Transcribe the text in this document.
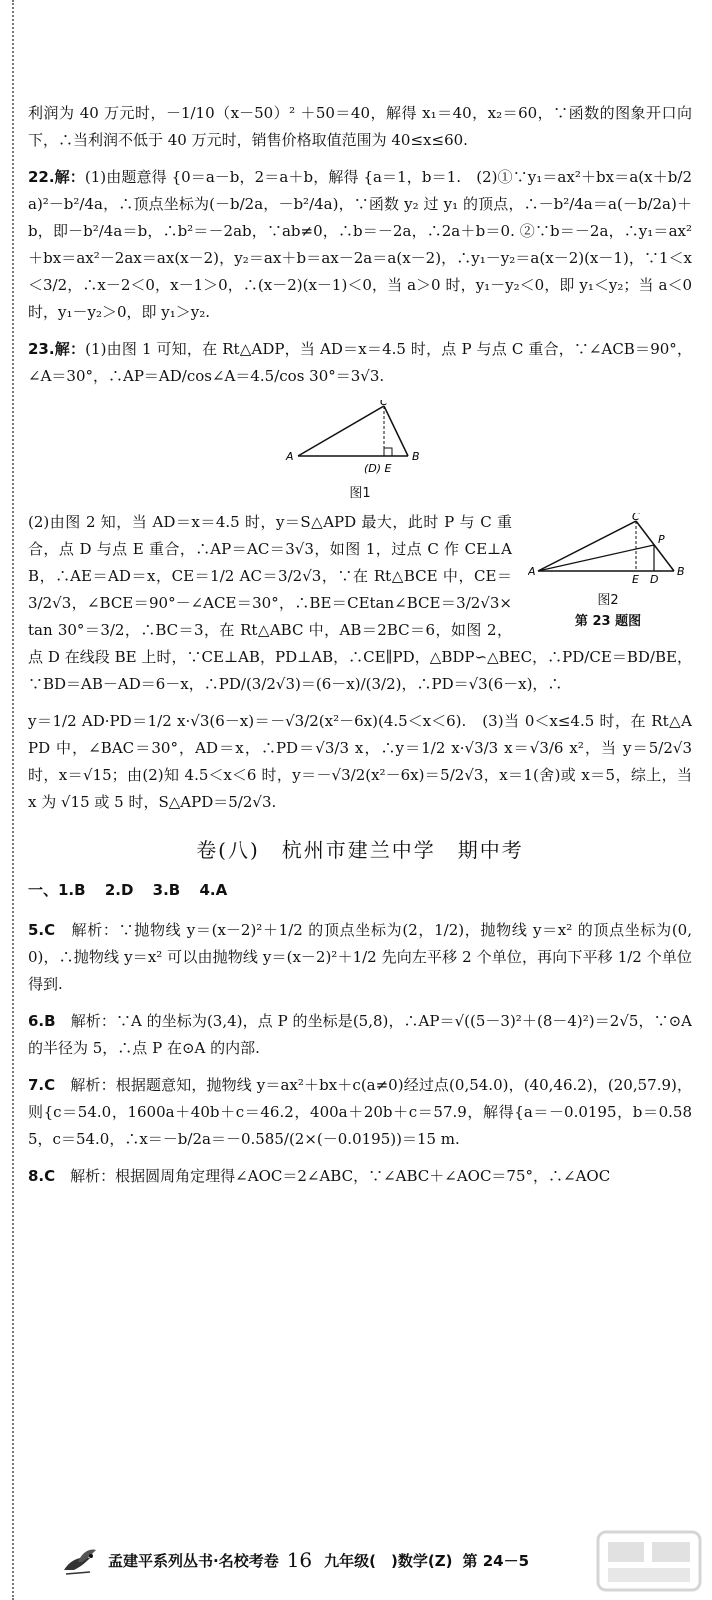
利润为 40 万元时，－1/10（x－50）² ＋50＝40，解得 x₁＝40，x₂＝60，∵函数的图象开口向下，∴当利润不低于 40 万元时，销售价格取值范围为 40≤x≤60.

22.解：(1)由题意得 {0＝a－b，2＝a＋b，解得 {a＝1，b＝1.　(2)①∵y₁＝ax²＋bx＝a(x＋b/2a)²－b²/4a，∴顶点坐标为(－b/2a，－b²/4a)，∵函数 y₂ 过 y₁ 的顶点，∴－b²/4a＝a(－b/2a)＋b，即－b²/4a＝b，∴b²＝－2ab，∵ab≠0，∴b＝－2a，∴2a＋b＝0. ②∵b＝－2a，∴y₁＝ax²＋bx＝ax²－2ax＝ax(x－2)，y₂＝ax＋b＝ax－2a＝a(x－2)，∴y₁－y₂＝a(x－2)(x－1)，∵1＜x＜3/2，∴x－2＜0，x－1＞0，∴(x－2)(x－1)＜0，当 a＞0 时，y₁－y₂＜0，即 y₁＜y₂；当 a＜0 时，y₁－y₂＞0，即 y₁＞y₂.

23.解：(1)由图 1 可知，在 Rt△ADP，当 AD＝x＝4.5 时，点 P 与点 C 重合，∵∠ACB＝90°，∠A＝30°，∴AP＝AD/cos∠A＝4.5/cos 30°＝3√3.

C
A	B
(D) E
图1
C
P
A
E D
B
图2
第 23 题图

(2)由图 2 知，当 AD＝x＝4.5 时，y＝S△APD 最大，此时 P 与 C 重合，点 D 与点 E 重合，∴AP＝AC＝3√3，如图 1，过点 C 作 CE⊥AB，∴AE＝AD＝x，CE＝1/2 AC＝3/2√3，∵在 Rt△BCE 中，CE＝3/2√3，∠BCE＝90°－∠ACE＝30°，∴BE＝CEtan∠BCE＝3/2√3×tan 30°＝3/2，∴BC＝3，在 Rt△ABC 中，AB＝2BC＝6，如图 2，点 D 在线段 BE 上时，∵CE⊥AB，PD⊥AB，∴CE∥PD，△BDP∽△BEC，∴PD/CE＝BD/BE，∵BD＝AB－AD＝6－x，∴PD/(3/2√3)＝(6－x)/(3/2)，∴PD＝√3(6－x)，∴

y＝1/2 AD·PD＝1/2 x·√3(6－x)＝－√3/2(x²－6x)(4.5＜x＜6).　(3)当 0＜x≤4.5 时，在 Rt△APD 中，∠BAC＝30°，AD＝x，∴PD＝√3/3 x，∴y＝1/2 x·√3/3 x＝√3/6 x²，当 y＝5/2√3 时，x＝√15；由(2)知 4.5＜x＜6 时，y＝－√3/2(x²－6x)＝5/2√3，x＝1(舍)或 x＝5，综上，当 x 为 √15 或 5 时，S△APD＝5/2√3.

卷(八)　杭州市建兰中学　期中考
一、1.B 2.D 3.B 4.A

5.C　 解析：∵抛物线 y＝(x－2)²＋1/2 的顶点坐标为(2，1/2)，抛物线 y＝x² 的顶点坐标为(0,0)，∴抛物线 y＝x² 可以由抛物线 y＝(x－2)²＋1/2 先向左平移 2 个单位，再向下平移 1/2 个单位得到.

6.B　 解析：∵A 的坐标为(3,4)，点 P 的坐标是(5,8)，∴AP＝√((5－3)²＋(8－4)²)＝2√5，∵⊙A 的半径为 5，∴点 P 在⊙A 的内部.

7.C　 解析：根据题意知，抛物线 y＝ax²＋bx＋c(a≠0)经过点(0,54.0)，(40,46.2)，(20,57.9)，则{c＝54.0，1600a＋40b＋c＝46.2，400a＋20b＋c＝57.9，解得{a＝－0.0195，b＝0.585，c＝54.0，∴x＝－b/2a＝－0.585/(2×(－0.0195))＝15 m.

8.C　 解析：根据圆周角定理得∠AOC＝2∠ABC，∵∠ABC＋∠AOC＝75°，∴∠AOC

孟建平系列丛书·名校考卷 16 九年级(　)数学(Z) 第 24－5
